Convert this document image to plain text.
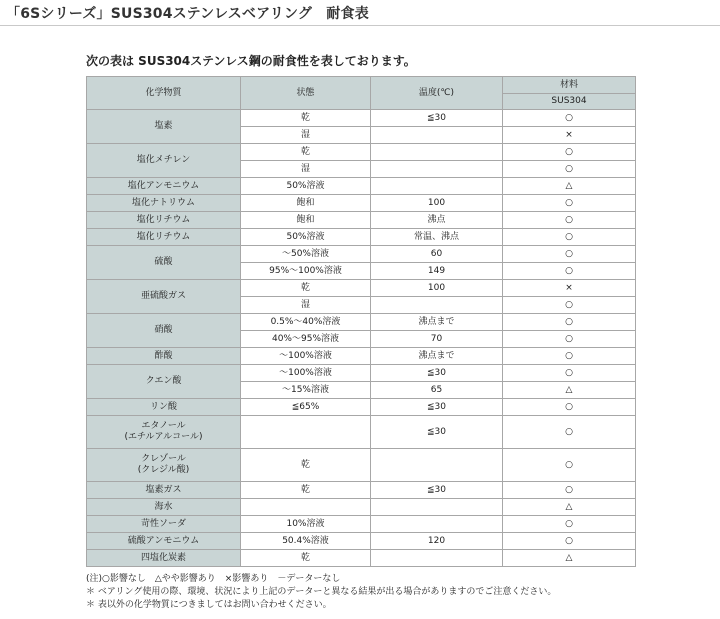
「6Sシリーズ」SUS304ステンレスベアリング　耐食表

次の表は SUS304ステンレス鋼の耐食性を表しております。

化学物質	状態	温度(℃)	材料
			SUS304
塩素	乾	≦30	○
	湿		×
塩化メチレン	乾		○
	湿		○
塩化アンモニウム	50%溶液		△
塩化ナトリウム	飽和	100	○
塩化リチウム	飽和	沸点	○
塩化リチウム	50%溶液	常温、沸点	○
硫酸	～50%溶液	60	○
	95%～100%溶液	149	○
亜硫酸ガス	乾	100	×
	湿		○
硝酸	0.5%～40%溶液	沸点まで	○
	40%～95%溶液	70	○
酢酸	～100%溶液	沸点まで	○
クエン酸	～100%溶液	≦30	○
	～15%溶液	65	△
リン酸	≦65%	≦30	○
エタノール
(エチルアルコール)		≦30	○
クレゾール
(クレジル酸)	乾		○
塩素ガス	乾	≦30	○
海水			△
苛性ソーダ	10%溶液		○
硫酸アンモニウム	50.4%溶液	120	○
四塩化炭素	乾		△
(注)○影響なし　△やや影響あり　×影響あり　－データーなし
＊ ベアリング使用の際、環境、状況により上記のデーターと異なる結果が出る場合がありますのでご注意ください。
＊ 表以外の化学物質につきましてはお問い合わせください。
